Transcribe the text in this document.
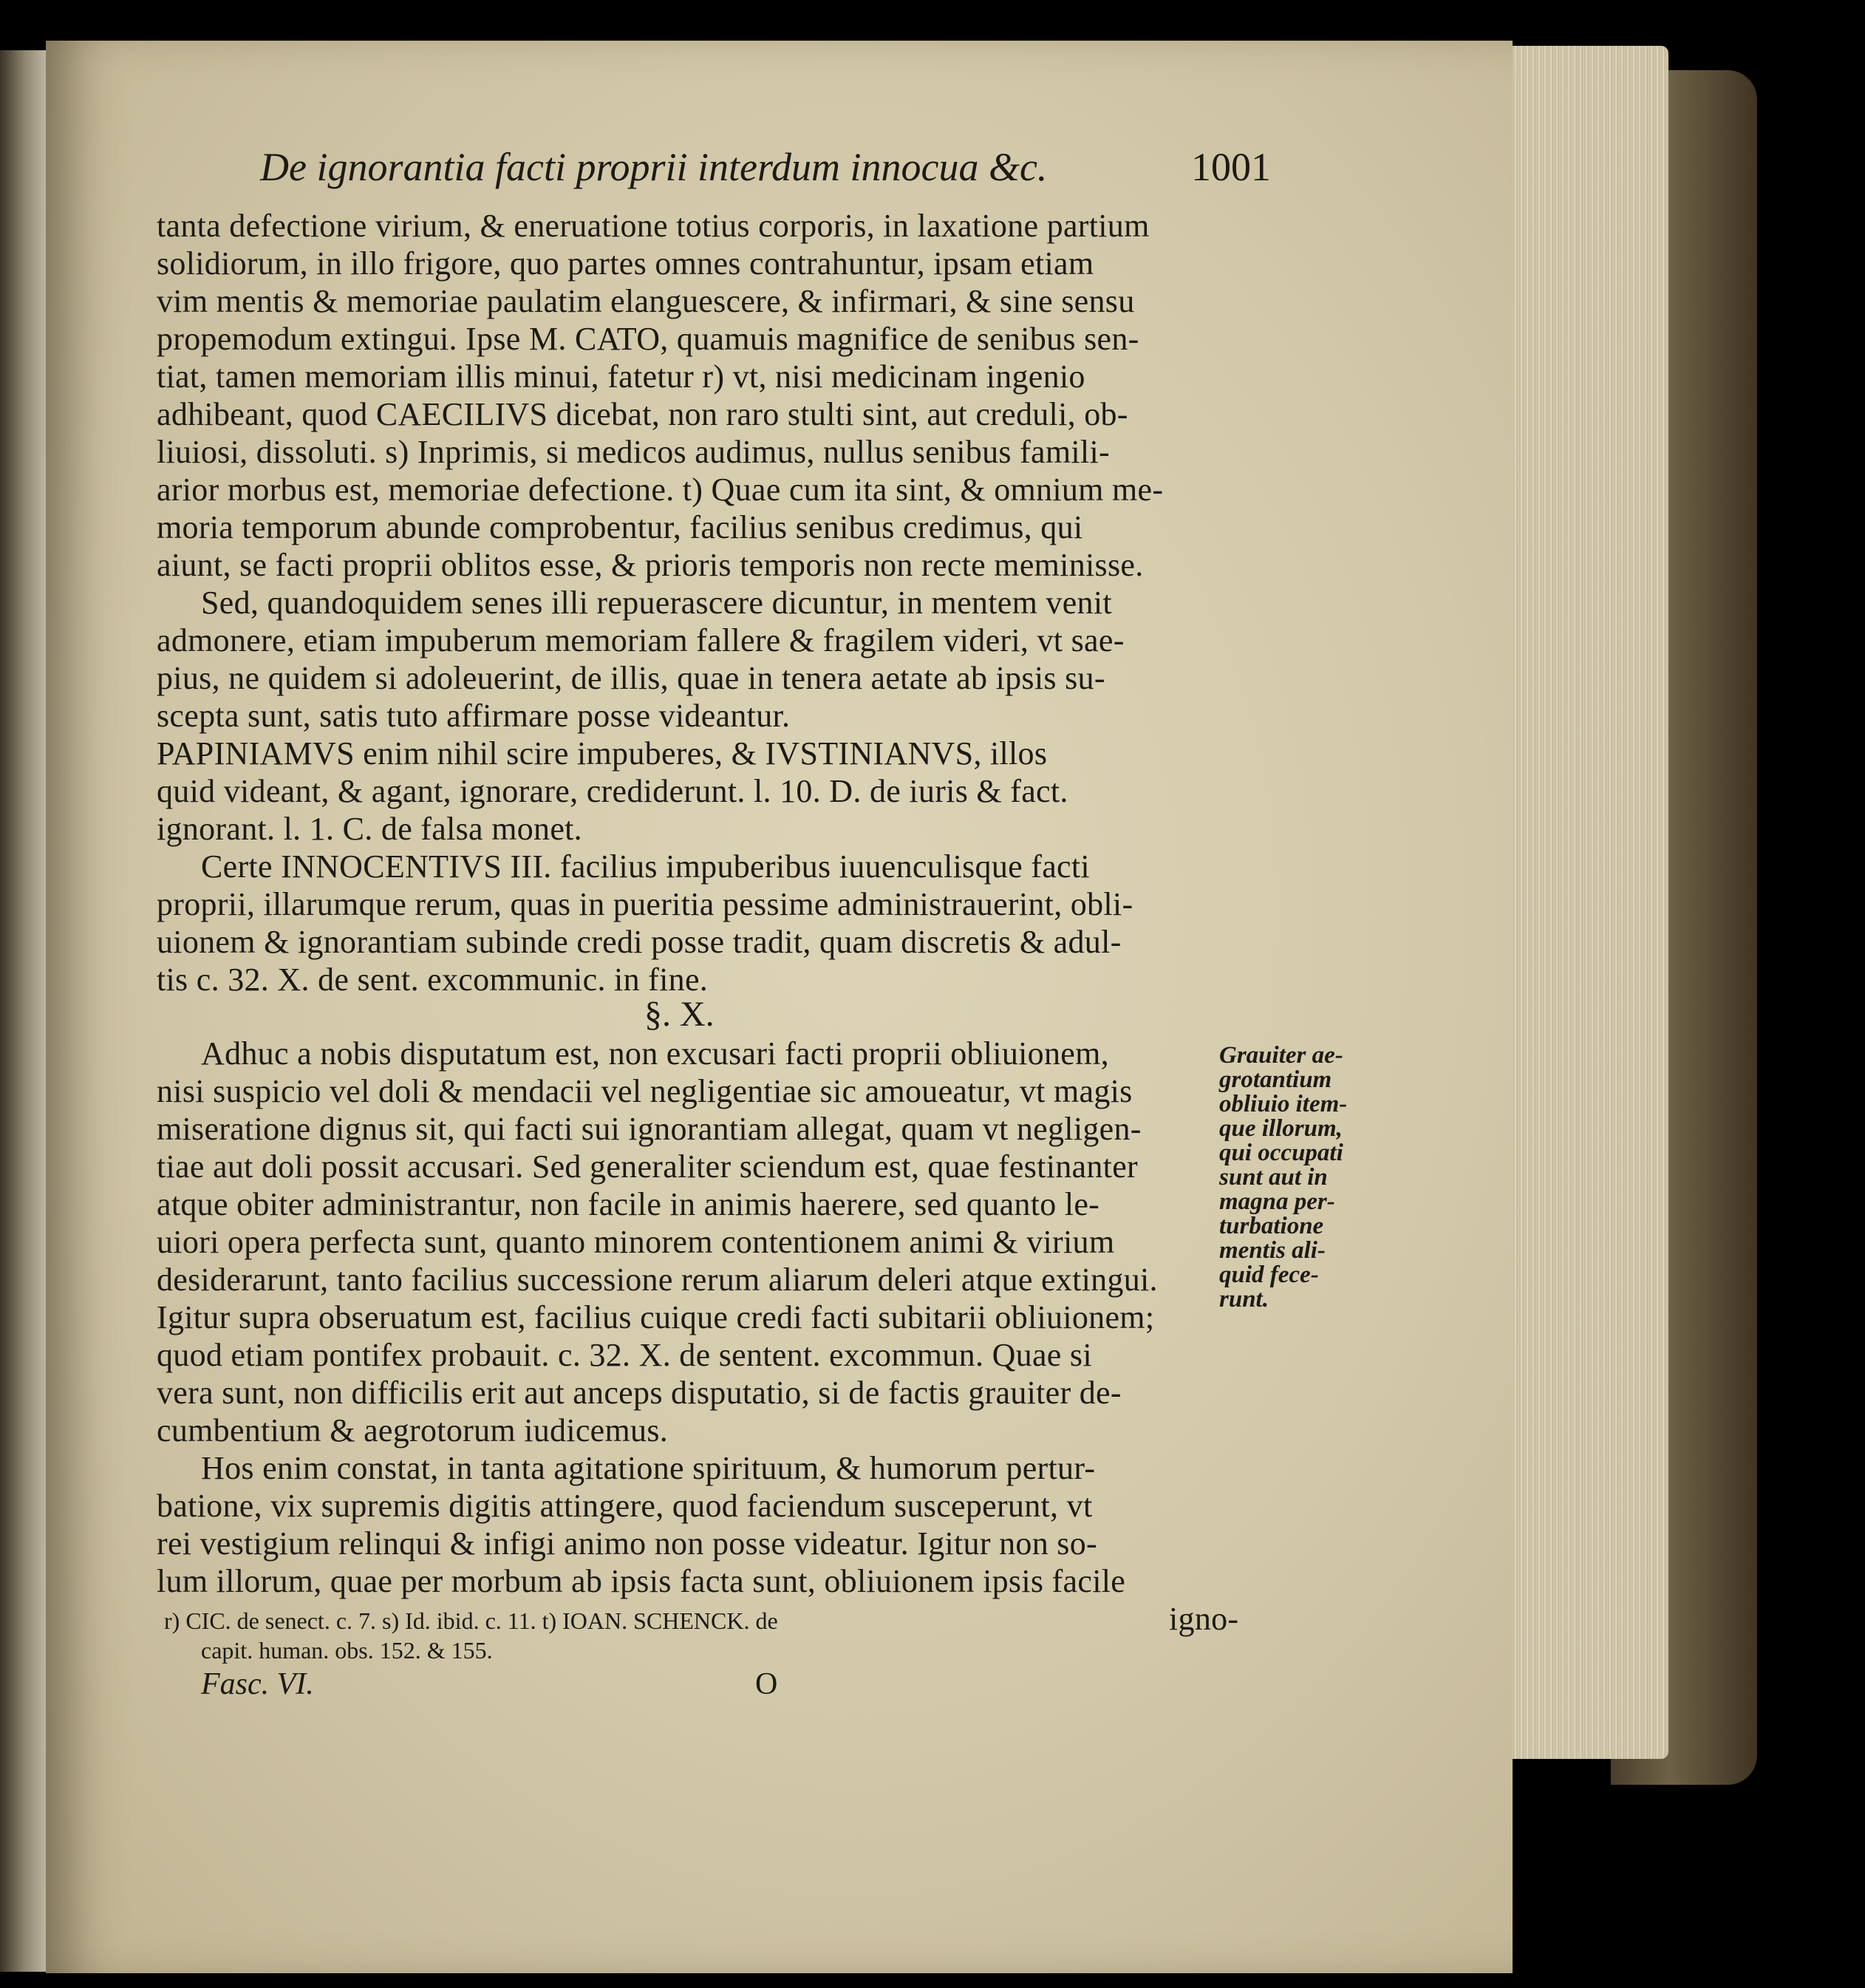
De ignorantia facti proprii interdum innocua &c.	1001
tanta defectione virium, & eneruatione totius corporis, in laxatione partium
solidiorum, in illo frigore, quo partes omnes contrahuntur, ipsam etiam
vim mentis & memoriae paulatim elanguescere, & infirmari, & sine sensu
propemodum extingui. Ipse M. CATO, quamuis magnifice de senibus sen-
tiat, tamen memoriam illis minui, fatetur r) vt, nisi medicinam ingenio
adhibeant, quod CAECILIVS dicebat, non raro stulti sint, aut creduli, ob-
liuiosi, dissoluti. s) Inprimis, si medicos audimus, nullus senibus famili-
arior morbus est, memoriae defectione. t) Quae cum ita sint, & omnium me-
moria temporum abunde comprobentur, facilius senibus credimus, qui
aiunt, se facti proprii oblitos esse, & prioris temporis non recte meminisse.
Sed, quandoquidem senes illi repuerascere dicuntur, in mentem venit
admonere, etiam impuberum memoriam fallere & fragilem videri, vt sae-
pius, ne quidem si adoleuerint, de illis, quae in tenera aetate ab ipsis su-
scepta sunt, satis tuto affirmare posse videantur.
PAPINIAMVS enim nihil scire impuberes, & IVSTINIANVS, illos
quid videant, & agant, ignorare, crediderunt. l. 10. D. de iuris & fact.
ignorant. l. 1. C. de falsa monet.
Certe INNOCENTIVS III. facilius impuberibus iuuenculisque facti
proprii, illarumque rerum, quas in pueritia pessime administrauerint, obli-
uionem & ignorantiam subinde credi posse tradit, quam discretis & adul-
tis c. 32. X. de sent. excommunic. in fine.
§. X.
Adhuc a nobis disputatum est, non excusari facti proprii obliuionem,
nisi suspicio vel doli & mendacii vel negligentiae sic amoueatur, vt magis
miseratione dignus sit, qui facti sui ignorantiam allegat, quam vt negligen-
tiae aut doli possit accusari. Sed generaliter sciendum est, quae festinanter
atque obiter administrantur, non facile in animis haerere, sed quanto le-
uiori opera perfecta sunt, quanto minorem contentionem animi & virium
desiderarunt, tanto facilius successione rerum aliarum deleri atque extingui.
Igitur supra obseruatum est, facilius cuique credi facti subitarii obliuionem;
quod etiam pontifex probauit. c. 32. X. de sentent. excommun. Quae si
vera sunt, non difficilis erit aut anceps disputatio, si de factis grauiter de-
cumbentium & aegrotorum iudicemus.
Hos enim constat, in tanta agitatione spirituum, & humorum pertur-
batione, vix supremis digitis attingere, quod faciendum susceperunt, vt
rei vestigium relinqui & infigi animo non posse videatur. Igitur non so-
lum illorum, quae per morbum ab ipsis facta sunt, obliuionem ipsis facile
igno-
Grauiter ae-
grotantium
obliuio item-
que illorum,
qui occupati
sunt aut in
magna per-
turbatione
mentis ali-
quid fece-
runt.
r) CIC. de senect. c. 7. s) Id. ibid. c. 11. t) IOAN. SCHENCK. de
capit. human. obs. 152. & 155.
Fasc. VI.	O
